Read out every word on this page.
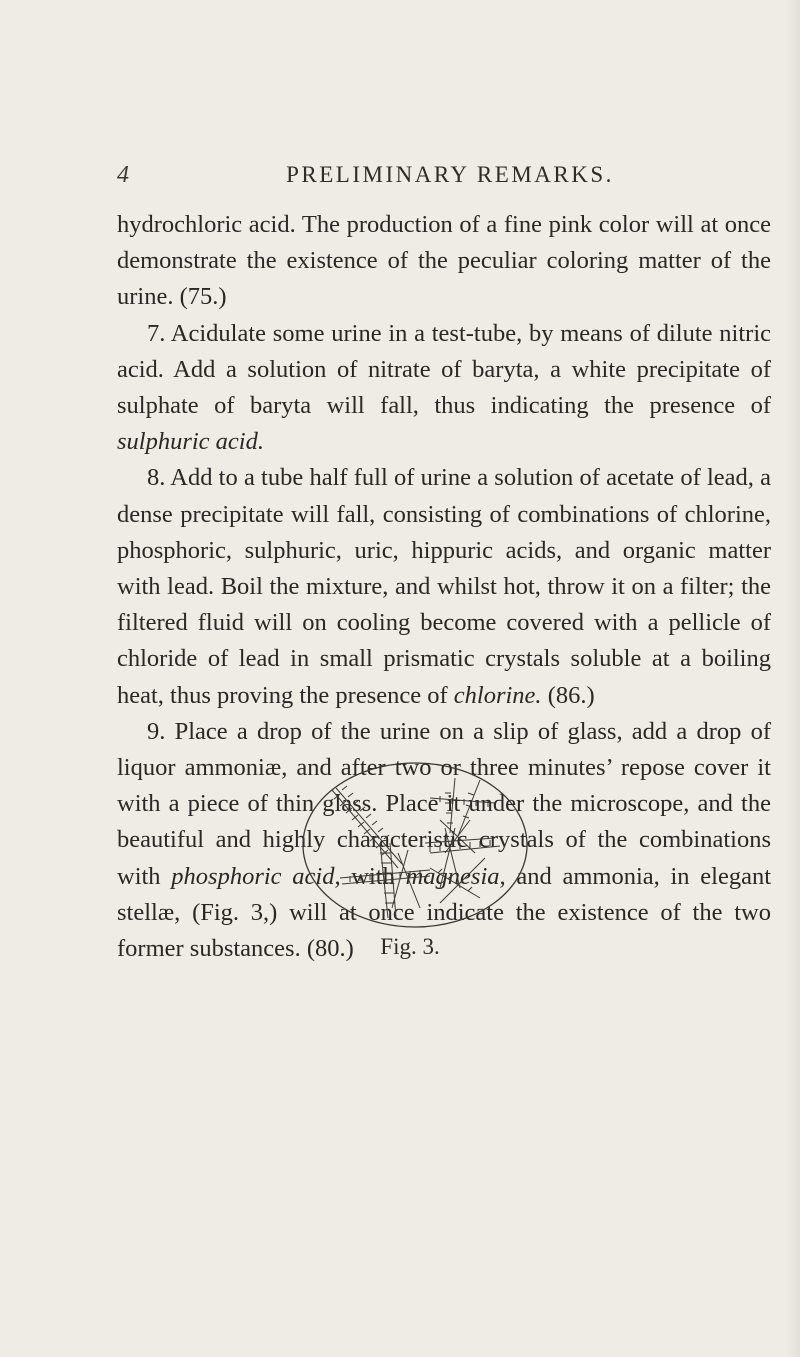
4	PRELIMINARY REMARKS.

hydrochloric acid. The production of a fine pink color will at once demonstrate the existence of the peculiar coloring matter of the urine. (75.)

7. Acidulate some urine in a test-tube, by means of dilute nitric acid. Add a solution of nitrate of baryta, a white precipitate of sulphate of baryta will fall, thus indicating the presence of sulphuric acid.

8. Add to a tube half full of urine a solution of acetate of lead, a dense precipitate will fall, consisting of combinations of chlorine, phosphoric, sulphuric, uric, hippuric acids, and organic matter with lead. Boil the mixture, and whilst hot, throw it on a filter; the filtered fluid will on cooling become covered with a pellicle of chloride of lead in small prismatic crystals soluble at a boiling heat, thus proving the presence of chlorine. (86.)

9. Place a drop of the urine on a slip of glass, add a drop of liquor ammoniæ, and after two or three minutes’ repose cover it with a piece of thin glass. Place it under the microscope, and the beautiful and highly characteristic crystals of the combinations with phosphoric acid, with magnesia, and ammonia, in elegant stellæ, (Fig. 3,) will at once indicate the existence of the two former substances. (80.)	Fig. 3.
